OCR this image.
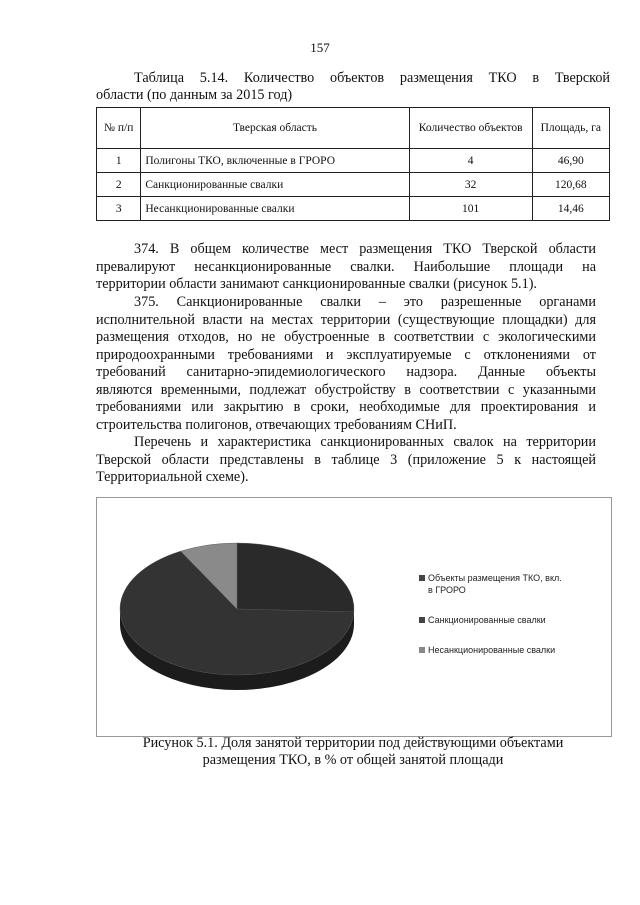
157
Таблица 5.14. Количество объектов размещения ТКО в Тверской
области (по данным за 2015 год)
№ п/п	Тверская область	Количество объектов	Площадь, га
1	Полигоны ТКО, включенные в ГРОРО	4	46,90
2	Санкционированные свалки	32	120,68
3	Несанкционированные свалки	101	14,46
374. В общем количестве мест размещения ТКО Тверской области
превалируют несанкционированные свалки. Наибольшие площади на
территории области занимают санкционированные свалки (рисунок 5.1).
375. Санкционированные свалки – это разрешенные органами
исполнительной власти на местах территории (существующие площадки) для
размещения отходов, но не обустроенные в соответствии с экологическими
природоохранными требованиями и эксплуатируемые с отклонениями от
требований санитарно-эпидемиологического надзора. Данные объекты
являются временными, подлежат обустройству в соответствии с указанными
требованиями или закрытию в сроки, необходимые для проектирования и
строительства полигонов, отвечающих требованиям СНиП.
Перечень и характеристика санкционированных свалок на территории
Тверской области представлены в таблице 3 (приложение 5 к настоящей
Территориальной схеме).
Объекты размещения ТКО, вкл.
в ГРОРО
Санкционированные свалки
Несанкционированные свалки
Рисунок 5.1. Доля занятой территории под действующими объектами
размещения ТКО, в % от общей занятой площади
